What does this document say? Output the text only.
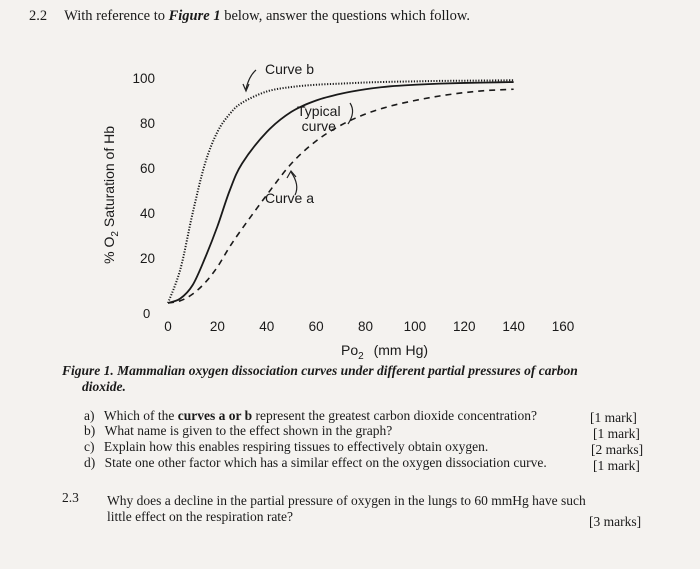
2.2 With reference to Figure 1 below, answer the questions which follow.
20
40
60
80
100
0	20	40	60	80 100 120 140 160
Curve b
Typical
curve
Curve a
% $O_2$ Saturation of Hb
0
$Po_2$ (mm Hg)
Figure 1. Mammalian oxygen dissociation curves under different partial pressures of carbon
dioxide.
a) Which of the curves a or b represent the greatest carbon dioxide concentration?	[1 mark]
b) What name is given to the effect shown in the graph?	[1 mark]
c) Explain how this enables respiring tissues to effectively obtain oxygen.	[2 marks]
d) State one other factor which has a similar effect on the oxygen dissociation curve.	[1 mark]
2.3 Why does a decline in the partial pressure of oxygen in the lungs to 60 mmHg have such
little effect on the respiration rate?	[3 marks]
